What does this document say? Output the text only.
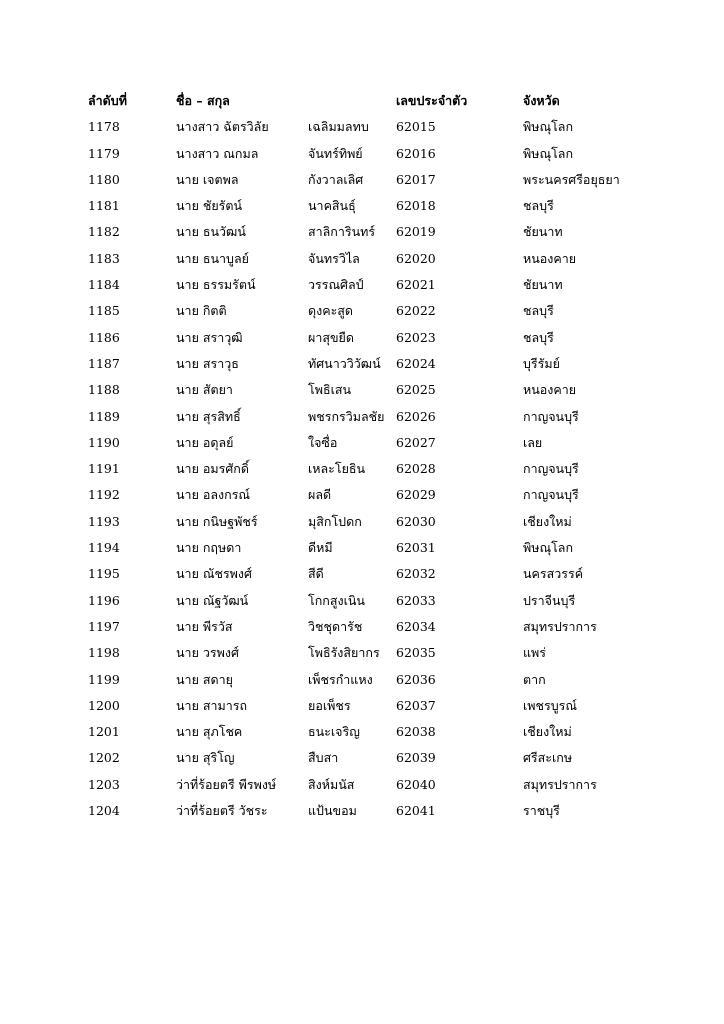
ลำดับที่	ชื่อ – สกุล	เลขประจำตัว	จังหวัด
1178	นางสาว ฉัตรวิลัย	เฉลิมมลทบ	62015	พิษณุโลก
1179	นางสาว ณกมล	จันทร์ทิพย์	62016	พิษณุโลก
1180	นาย เจตพล	กังวาลเลิศ	62017	พระนครศรีอยุธยา
1181	นาย ชัยรัตน์	นาคสินธุ์	62018	ชลบุรี
1182	นาย ธนวัฒน์	สาลิการินทร์	62019	ชัยนาท
1183	นาย ธนาบูลย์	จันทรวิไล	62020	หนองคาย
1184	นาย ธรรมรัตน์	วรรณศิลป์	62021	ชัยนาท
1185	นาย กิตติ	ดุงคะสูด	62022	ชลบุรี
1186	นาย สราวุฒิ	ผาสุขยืด	62023	ชลบุรี
1187	นาย สราวุธ	ทัศนาววิวัฒน์	62024	บุรีรัมย์
1188	นาย สัตยา	โพธิเสน	62025	หนองคาย
1189	นาย สุรสิทธิ์	พชรกรวิมลชัย 62026	กาญจนบุรี
1190	นาย อดุลย์	ใจซื่อ	62027	เลย
1191	นาย อมรศักดิ์	เหละโยธิน	62028	กาญจนบุรี
1192	นาย อลงกรณ์	ผลดี	62029	กาญจนบุรี
1193	นาย กนิษฐพัชร์	มุสิกโปดก	62030	เชียงใหม่
1194	นาย กฤษดา	ดีหมี	62031	พิษณุโลก
1195	นาย ณัชรพงศ์	สีดี	62032	นครสวรรค์
1196	นาย ณัฐวัฒน์	โกกสูงเนิน	62033	ปราจีนบุรี
1197	นาย พีรวัส	วิชชุดารัช	62034	สมุทรปราการ
1198	นาย วรพงศ์	โพธิรังสิยากร	62035	แพร่
1199	นาย สดายุ	เพ็ชรกำแหง	62036	ตาก
1200	นาย สามารถ	ยอเพ็ชร	62037	เพชรบูรณ์
1201	นาย สุภโชค	ธนะเจริญ	62038	เชียงใหม่
1202	นาย สุริโญ	สืบสา	62039	ศรีสะเกษ
1203	ว่าที่ร้อยตรี พีรพงษ์	สิงห์มนัส	62040	สมุทรปราการ
1204	ว่าที่ร้อยตรี วัชระ	แป้นขอม	62041	ราชบุรี
